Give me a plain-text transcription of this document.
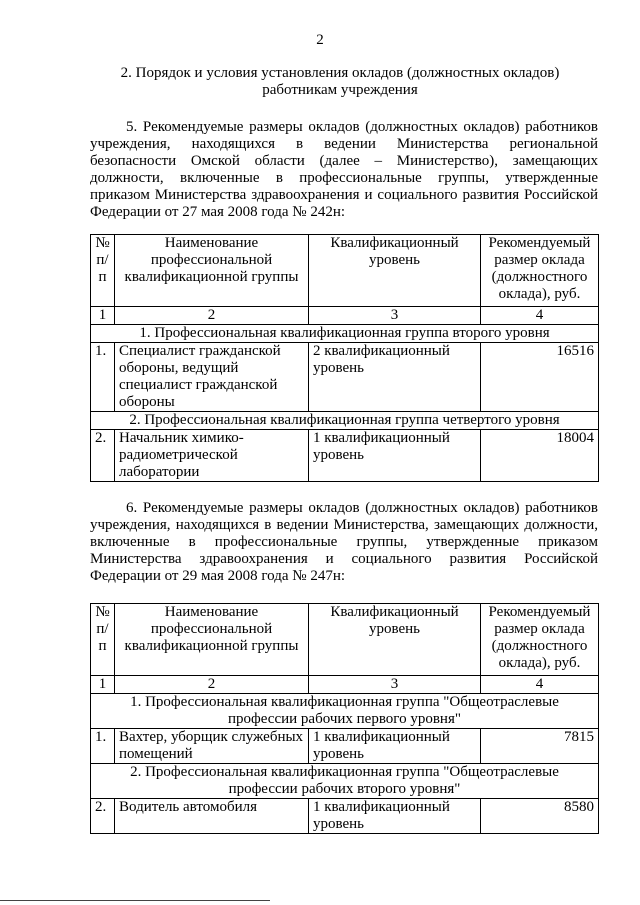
2
2. Порядок и условия установления окладов (должностных окладов) работникам учреждения
5. Рекомендуемые размеры окладов (должностных окладов) работников учреждения, находящихся в ведении Министерства региональной безопасности Омской области (далее – Министерство), замещающих должности, включенные в профессиональные группы, утвержденные приказом Министерства здравоохранения и социального развития Российской Федерации от 27 мая 2008 года № 242н:
№ п/п	Наименование профессиональной квалификационной группы	Квалификационный уровень	Рекомендуемый размер оклада (должностного оклада), руб.
1	2	3	4
1. Профессиональная квалификационная группа второго уровня			
1.	Специалист гражданской обороны, ведущий специалист гражданской обороны	2 квалификационный уровень	16516
2. Профессиональная квалификационная группа четвертого уровня			
2.	Начальник химико-радиометрической лаборатории	1 квалификационный уровень	18004
6. Рекомендуемые размеры окладов (должностных окладов) работников учреждения, находящихся в ведении Министерства, замещающих должности, включенные в профессиональные группы, утвержденные приказом Министерства здравоохранения и социального развития Российской Федерации от 29 мая 2008 года № 247н:
№ п/п	Наименование профессиональной квалификационной группы	Квалификационный уровень	Рекомендуемый размер оклада (должностного оклада), руб.
1	2	3	4
1. Профессиональная квалификационная группа "Общеотраслевые профессии рабочих первого уровня"			
1.	Вахтер, уборщик служебных помещений	1 квалификационный уровень	7815
2. Профессиональная квалификационная группа "Общеотраслевые профессии рабочих второго уровня"			
2.	Водитель автомобиля	1 квалификационный уровень	8580
